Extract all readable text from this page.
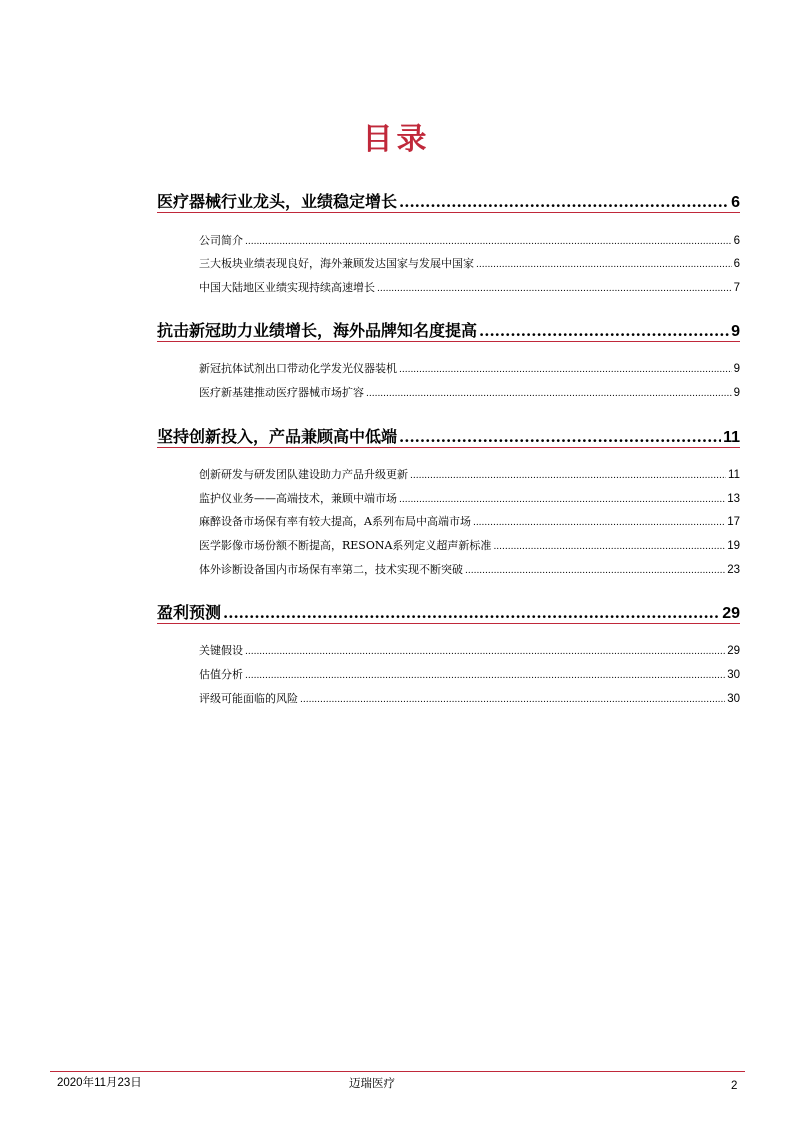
目录
医疗器械行业龙头，业绩稳定增长 .....	6
公司简介 .....	6
三大板块业绩表现良好，海外兼顾发达国家与发展中国家 .....	6
中国大陆地区业绩实现持续高速增长 .....	7
抗击新冠助力业绩增长，海外品牌知名度提高 .....	9
新冠抗体试剂出口带动化学发光仪器装机 .....	9
医疗新基建推动医疗器械市场扩容 .....	9
坚持创新投入，产品兼顾高中低端 .....	11
创新研发与研发团队建设助力产品升级更新 .....	11
监护仪业务——高端技术，兼顾中端市场 .....	13
麻醉设备市场保有率有较大提高，A系列布局中高端市场 .....	17
医学影像市场份额不断提高，RESONA系列定义超声新标准 .....	19
体外诊断设备国内市场保有率第二，技术实现不断突破 .....	23
盈利预测 .....	29
关键假设 .....	29
估值分析 .....	30
评级可能面临的风险 .....	30
2020年11月23日	迈瑞医疗	2
